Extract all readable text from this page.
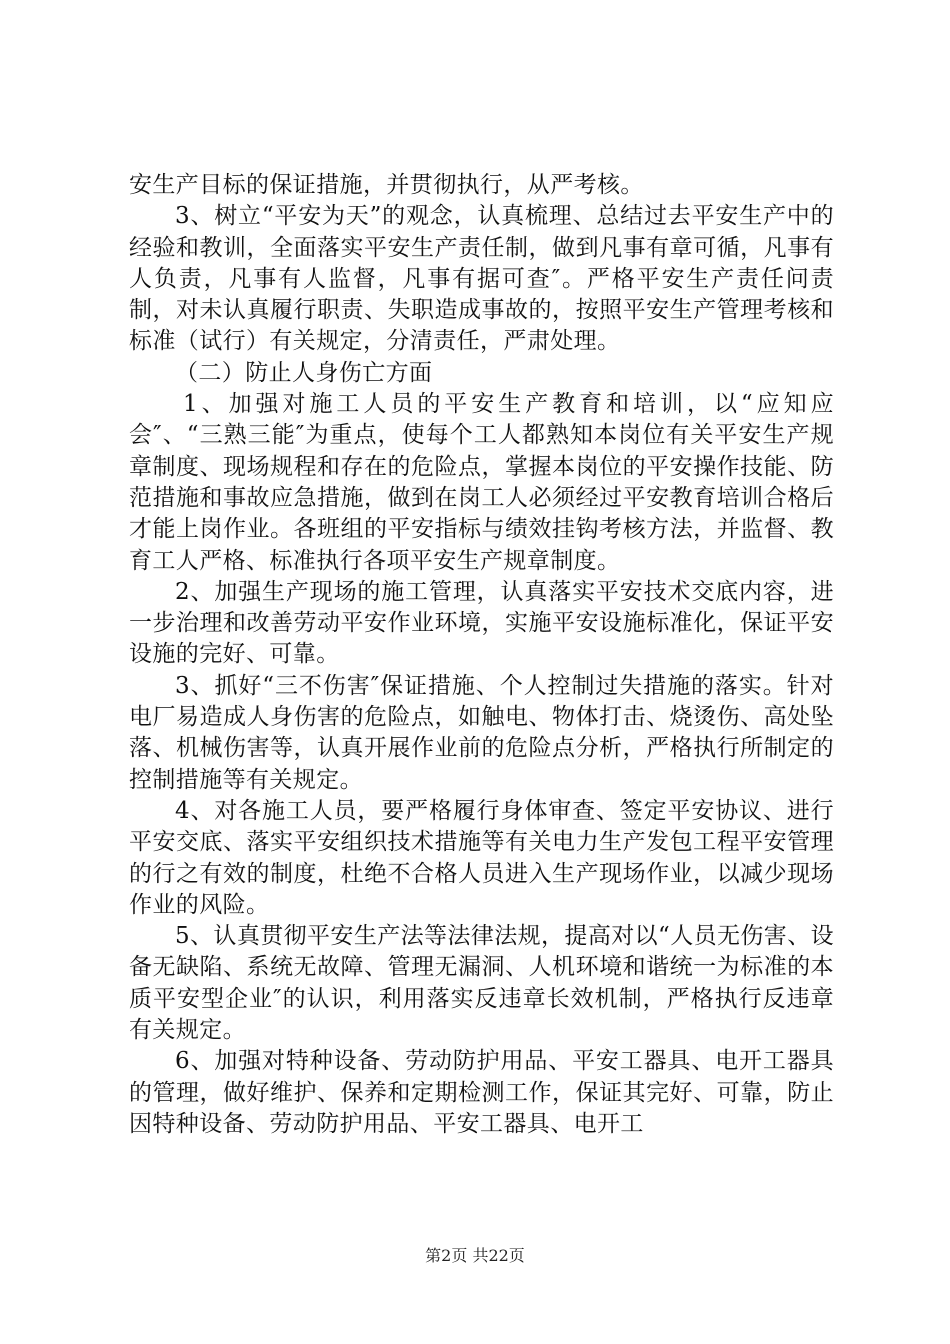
安生产目标的保证措施，并贯彻执行，从严考核。

3、树立“平安为天”的观念，认真梳理、总结过去平安生产中的经验和教训，全面落实平安生产责任制，做到凡事有章可循，凡事有人负责，凡事有人监督，凡事有据可查″。严格平安生产责任问责制，对未认真履行职责、失职造成事故的，按照平安生产管理考核和标准（试行）有关规定，分清责任，严肃处理。

（二）防止人身伤亡方面

1、加强对施工人员的平安生产教育和培训，以“应知应会″、“三熟三能″为重点，使每个工人都熟知本岗位有关平安生产规章制度、现场规程和存在的危险点，掌握本岗位的平安操作技能、防范措施和事故应急措施，做到在岗工人必须经过平安教育培训合格后才能上岗作业。各班组的平安指标与绩效挂钩考核方法，并监督、教育工人严格、标准执行各项平安生产规章制度。

2、加强生产现场的施工管理，认真落实平安技术交底内容，进一步治理和改善劳动平安作业环境，实施平安设施标准化，保证平安设施的完好、可靠。

3、抓好“三不伤害″保证措施、个人控制过失措施的落实。针对电厂易造成人身伤害的危险点，如触电、物体打击、烧烫伤、高处坠落、机械伤害等，认真开展作业前的危险点分析，严格执行所制定的控制措施等有关规定。

4、对各施工人员，要严格履行身体审查、签定平安协议、进行平安交底、落实平安组织技术措施等有关电力生产发包工程平安管理的行之有效的制度，杜绝不合格人员进入生产现场作业，以减少现场作业的风险。

5、认真贯彻平安生产法等法律法规，提高对以“人员无伤害、设备无缺陷、系统无故障、管理无漏洞、人机环境和谐统一为标准的本质平安型企业″的认识，利用落实反违章长效机制，严格执行反违章有关规定。

6、加强对特种设备、劳动防护用品、平安工器具、电开工器具的管理，做好维护、保养和定期检测工作，保证其完好、可靠，防止因特种设备、劳动防护用品、平安工器具、电开工

第2页 共22页
